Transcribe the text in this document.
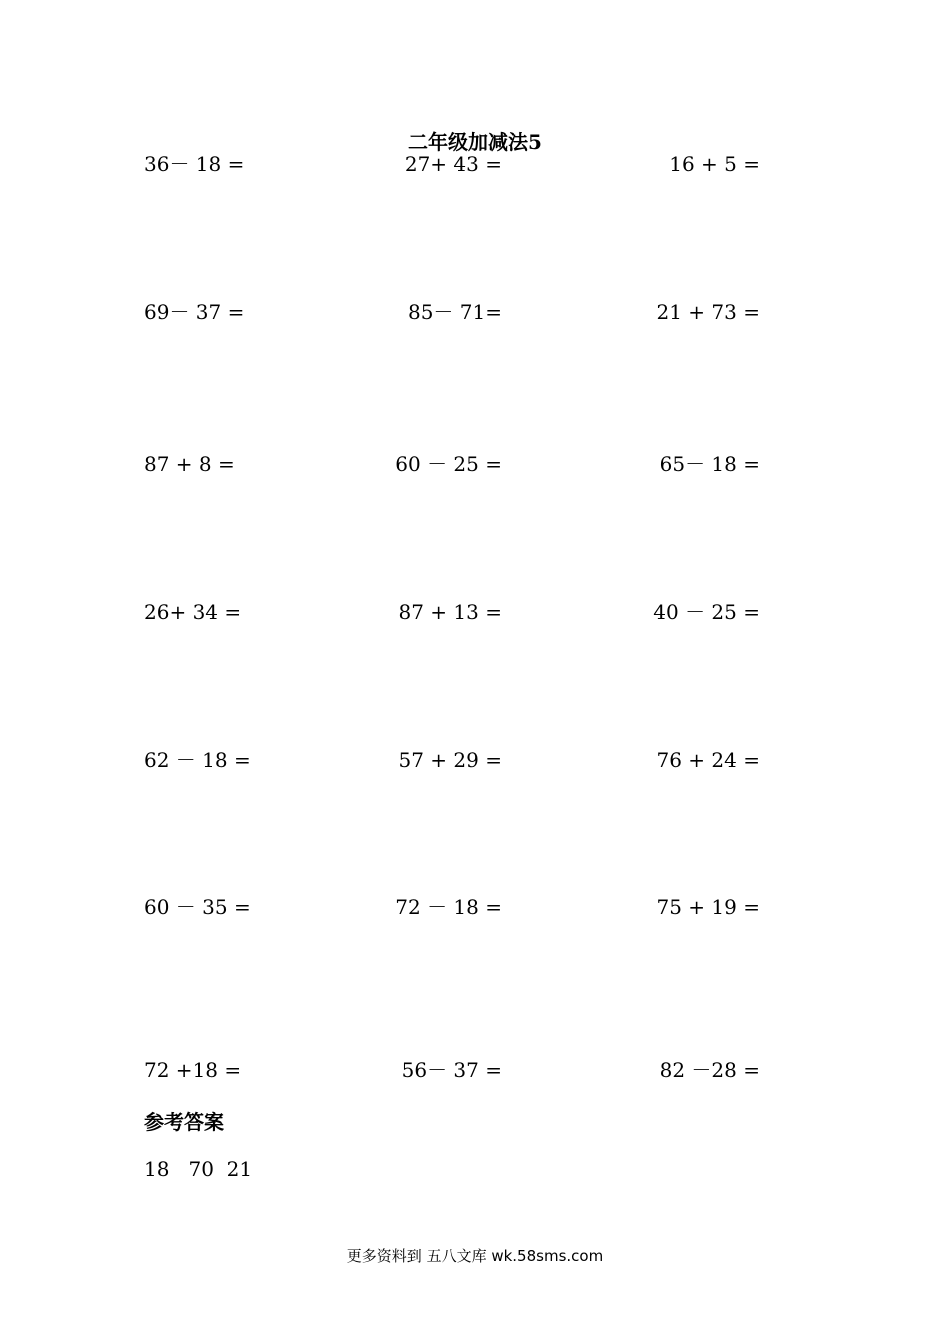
二年级加减法5
36－ 18 =	27+ 43 =	16 + 5 =
69－ 37 =	85－ 71=	21 + 73 =
87 + 8 =	60 － 25 =	65－ 18 =
26+ 34 =	87 + 13 =	40 － 25 =
62 － 18 =	57 + 29 =	76 + 24 =
60 － 35 =	72 － 18 =	75 + 19 =
72 +18 =	56－ 37 =	82 －28 =
参考答案
18   70  21
更多资料到 五八文库 wk.58sms.com
